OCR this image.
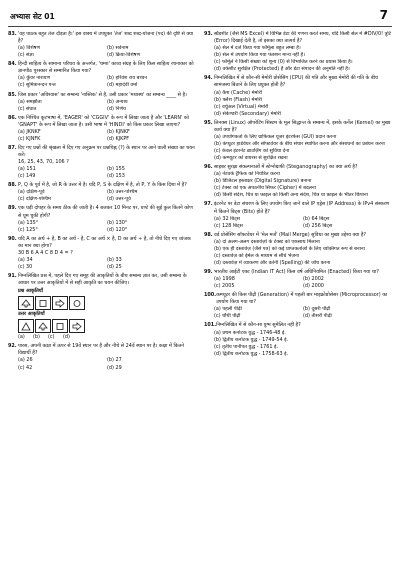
अभ्यास सेट 01	7
83. 'वह पाठक बहुत तेज दौड़ता है।' इस वाक्य में उपयुक्त 'तेज' शब्द शब्द-योजना (पद) की दृष्टि से क्या है?
(a) विशेषण	(b) सर्वनाम
(c) संज्ञा	(d) क्रिया-विशेषण
84. हिन्दी साहित्य के सामान्य परिचय के अन्तर्गत, 'चम्पा' काव्य संग्रह के लिए किस साहित्य रचनाकार को ज्ञानपीठ पुरस्कार से सम्मानित किया गया?
(a) कुँवर नारायण	(b) हरिवंश राय बच्चन
(c) सुमित्रानन्दन पन्त	(d) महादेवी वर्मा
85. जिस प्रकार 'अविश्वास' का सम्बन्ध 'नास्तिक' से है, उसी प्रकार 'मध्यस्थ' का सम्बन्ध ____ से है।
(a) समझौता	(b) अन्याय
(c) संघात	(d) निर्णय
86. एक निश्चित कूटभाषा में, 'EAGER' को 'CGGIV' के रूप में लिखा जाता है और 'LEARN' को 'GNAPT' के रूप में लिखा जाता है। उसी भाषा में 'HINDI' को किस प्रकार लिखा जाएगा?
(a) JKNKF	(b) KJNKF
(c) KJNFK	(d) KJKPF
87. दिए गए प्रश्नों की श्रृंखला में दिए गए अनुक्रम पर प्रश्नचिह्न (?) के स्थान पर आने वाली संख्या का चयन करें।
16, 25, 43, 70, 106 ?
(a) 151	(b) 155
(c) 149	(d) 153
88. P, Q के पूर्व में है, जो R के उत्तर में है। यदि P, S के दक्षिण में है, तो P, Y के किस दिशा में है?
(a) दक्षिण-पूर्व	(b) उत्तर-पश्चिम
(c) दक्षिण-पश्चिम	(d) उत्तर-पूर्व
89. एक घड़ी दोपहर के समय ठीक की जाती है। 4 बजकर 10 मिनट पर, घण्टे की सुई कुल कितने कोण से घूम चुकी होगी?
(a) 135°	(b) 130°
(c) 125°	(d) 120°
90. यदि A का अर्थ + है, B का अर्थ - है, C का अर्थ × है, D का अर्थ ÷ है, तो नीचे दिए गए व्यंजक का मान क्या होगा?
30 B 6 A 4 C 8 D 4 = ?
(a) 34	(b) 33
(c) 30	(d) 25
91. निम्नलिखित प्रश्न में, पहले दिए गए समूह की आकृतियों के बीच सम्बन्ध ज्ञात कर, उसी सम्बन्ध के आधार पर उत्तर आकृतियों में से सही आकृति का चयन कीजिए।
प्रश्न आकृतियाँ
उत्तर आकृतियाँ
(a)	(b)	(c)	(d)
92. पारस, अपनी कक्षा में ऊपर से 19वें स्थान पर है और नीचे से 24वें स्थान पर है। कक्षा में कितने विद्यार्थी हैं?
(a) 26	(b) 27
(c) 42	(d) 29
93. स्प्रैडशीट (जैसे MS Excel) में विभिन्न डेटा की गणना करते समय, यदि किसी सेल में #DIV/0! त्रुटि (Error) दिखाई देती है, तो इसका क्या तात्पर्य है?
(a) सेल में दर्ज किया गया फॉर्मूला बहुत लम्बा है।
(b) सेल में उपयोग किया गया फंक्शन मान्य नहीं है।
(c) फॉर्मूले ने किसी संख्या को शून्य (0) से विभाजित करने का प्रयास किया है।
(d) वर्कशीट सुरक्षित (Protected) है और डेटा संपादन की अनुमति नहीं है।
94. निम्नलिखित में से कौन-सी मेमोरी प्रोसेसिंग (CPU) की गति और मुख्य मेमोरी की गति के बीच सामंजस्य बिठाने के लिए प्रयुक्त होती है?
(a) कैश (Cache) मेमोरी
(b) फ्लैश (Flash) मेमोरी
(c) वर्चुअल (Virtual) मेमोरी
(d) सेकेण्डरी (Secondary) मेमोरी
95. लिनक्स (Linux) ऑपरेटिंग सिस्टम के मूल सिद्धान्त के सम्बन्ध में, इसके कर्नेल (Kernel) का मुख्य कार्य क्या है?
(a) उपयोगकर्ता के लिए ग्राफिकल यूजर इंटरफेस (GUI) प्रदान करना
(b) कंप्यूटर हार्डवेयर और सॉफ्टवेयर के बीच संचार स्थापित करना और संसाधनों का प्रबंधन करना
(c) केवल इंटरनेट ब्राउज़िंग को सुविधा देना
(d) कम्प्यूटर को वायरस से सुरक्षित रखना
96. साइबर सुरक्षा संकल्पनाओं में स्टेग्नोग्राफी (Steganography) का क्या अर्थ है?
(a) नेटवर्क ट्रैफिक को नियंत्रित करना
(b) डिजिटल हस्ताक्षर (Digital Signature) बनाना
(c) टेक्स्ट को एक अपठनीय सिफर (Cipher) में बदलना
(d) किसी संदेश, चित्र या फ़ाइल को किसी अन्य संदेश, चित्र या फ़ाइल के भीतर छिपाना
97. इंटरनेट पर डेटा संचरण के लिए उपयोग किए जाने वाले IP एड्रेस (IP Address) के IPv4 संस्करण में कितने बिट्स (Bits) होते हैं?
(a) 32 बिट्स	(b) 64 बिट्स
(c) 128 बिट्स	(d) 256 बिट्स
98. वर्ड प्रोसेसिंग सॉफ्टवेयर में 'मेल मर्ज' (Mail Merge) सुविधा का मुख्य उद्देश्य क्या है?
(a) दो अलग-अलग दस्तावेज़ों के टेक्स्ट को एकसाथ मिलाना
(b) एक ही दस्तावेज़ (जैसे पत्र) को कई प्राप्तकर्ताओं के लिए व्यक्तिगत रूप से बनाना
(c) दस्तावेज़ को ईमेल के माध्यम से सीधे भेजना
(d) दस्तावेज़ में व्याकरण और वर्तनी (Spelling) की जाँच करना
99. भारतीय आईटी एक्ट (Indian IT Act) किस वर्ष अधिनियमित (Enacted) किया गया था?
(a) 1998	(b) 2002
(c) 2005	(d) 2000
100. कम्प्यूटर की किस पीढ़ी (Generation) में पहली बार माइक्रोप्रोसेसर (Microprocessor) का उपयोग किया गया था?
(a) पहली पीढ़ी	(b) दूसरी पीढ़ी
(c) चौथी पीढ़ी	(d) तीसरी पीढ़ी
101. निम्नलिखित में से कौन-सा युग्म सुमेलित नहीं है?
(a) प्रथम कर्नाटक युद्ध - 1746-48 ई.
(b) द्वितीय कर्नाटक युद्ध - 1749-54 ई.
(c) तृतीय पानीपत युद्ध - 1761 ई.
(d) द्वितीय कर्नाटक युद्ध - 1758-63 ई.
